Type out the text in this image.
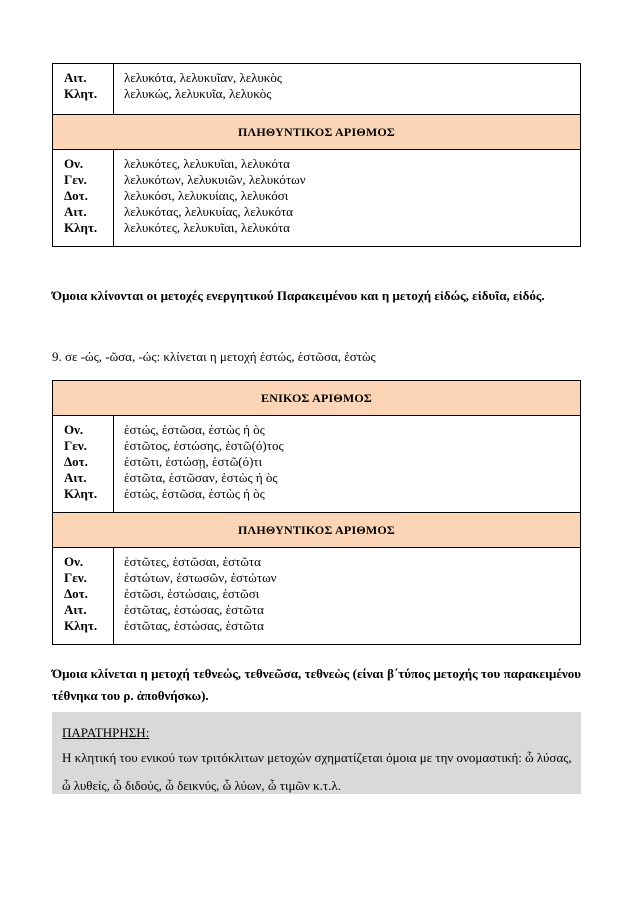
Αιτ.
Κλητ.
λελυκότα, λελυκυῖαν, λελυκὸς
λελυκώς, λελυκυῖα, λελυκὸς
ΠΛΗΘΥΝΤΙΚΟΣ ΑΡΙΘΜΟΣ
Ον.
Γεν.
Δοτ.
Αιτ.
Κλητ.
λελυκότες, λελυκυῖαι, λελυκότα
λελυκότων, λελυκυιῶν, λελυκότων
λελυκόσι, λελυκυίαις, λελυκόσι
λελυκότας, λελυκυίας, λελυκότα
λελυκότες, λελυκυῖαι, λελυκότα
Όμοια κλίνονται οι μετοχές ενεργητικού Παρακειμένου και η μετοχή εἰδώς, εἰδυῖα, εἰδός.
9. σε -ώς, -ῶσα, -ώς: κλίνεται η μετοχή ἑστώς, ἑστῶσα, ἑστὼς
ΕΝΙΚΟΣ ΑΡΙΘΜΟΣ
Ον.
Γεν.
Δοτ.
Αιτ.
Κλητ.
ἑστώς, ἑστῶσα, ἑστὼς ή ὸς
ἑστῶτος, ἑστώσης, ἑστῶ(ό)τος
ἑστῶτι, ἑστώσῃ, ἑστῶ(ό)τι
ἑστῶτα, ἑστῶσαν, ἑστὼς ή ὸς
ἑστώς, ἑστῶσα, ἑστὼς ή ὸς
ΠΛΗΘΥΝΤΙΚΟΣ ΑΡΙΘΜΟΣ
Ον.
Γεν.
Δοτ.
Αιτ.
Κλητ.
ἑστῶτες, ἑστῶσαι, ἑστῶτα
ἑστώτων, ἑστωσῶν, ἑστώτων
ἑστῶσι, ἑστώσαις, ἑστῶσι
ἑστῶτας, ἑστώσας, ἑστῶτα
ἑστῶτας, ἑστώσας, ἑστῶτα
Όμοια κλίνεται η μετοχή τεθνεώς, τεθνεῶσα, τεθνεὼς (είναι β΄τύπος μετοχής του παρακειμένου τέθνηκα του ρ. ἀποθνήσκω).
ΠΑΡΑΤΗΡΗΣΗ:
Η κλητική του ενικού των τριτόκλιτων μετοχών σχηματίζεται όμοια με την ονομαστική: ὦ λύσας,
ὦ λυθείς, ὦ διδούς, ὦ δεικνύς, ὦ λύων, ὦ τιμῶν κ.τ.λ.
